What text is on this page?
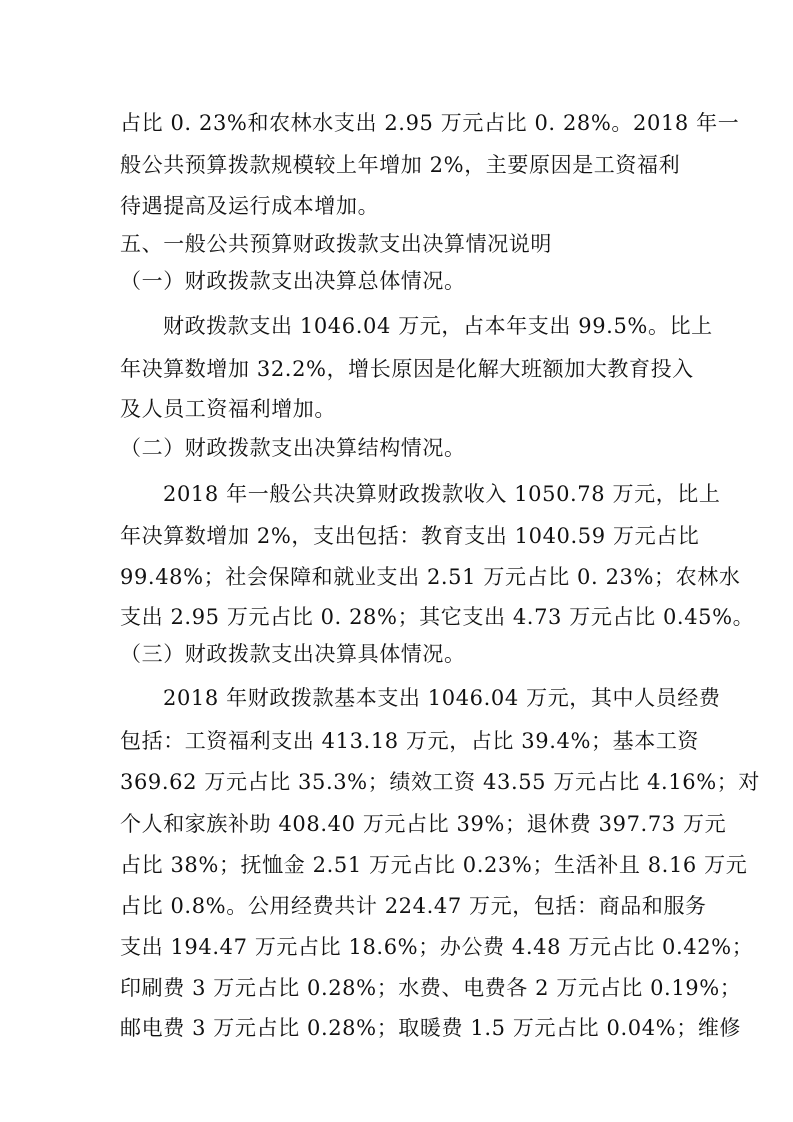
占比 0. 23%和农林水支出 2.95 万元占比 0. 28%。2018 年一
般公共预算拨款规模较上年增加 2%，主要原因是工资福利
待遇提高及运行成本增加。
五、一般公共预算财政拨款支出决算情况说明
（一）财政拨款支出决算总体情况。
财政拨款支出 1046.04 万元，占本年支出 99.5%。比上
年决算数增加 32.2%，增长原因是化解大班额加大教育投入
及人员工资福利增加。
（二）财政拨款支出决算结构情况。
2018 年一般公共决算财政拨款收入 1050.78 万元，比上
年决算数增加 2%，支出包括：教育支出 1040.59 万元占比
99.48%；社会保障和就业支出 2.51 万元占比 0. 23%；农林水
支出 2.95 万元占比 0. 28%；其它支出 4.73 万元占比 0.45%。
（三）财政拨款支出决算具体情况。
2018 年财政拨款基本支出 1046.04 万元，其中人员经费
包括：工资福利支出 413.18 万元，占比 39.4%；基本工资
369.62 万元占比 35.3%；绩效工资 43.55 万元占比 4.16%；对
个人和家族补助 408.40 万元占比 39%；退休费 397.73 万元
占比 38%；抚恤金 2.51 万元占比 0.23%；生活补且 8.16 万元
占比 0.8%。公用经费共计 224.47 万元，包括：商品和服务
支出 194.47 万元占比 18.6%；办公费 4.48 万元占比 0.42%；
印刷费 3 万元占比 0.28%；水费、电费各 2 万元占比 0.19%；
邮电费 3 万元占比 0.28%；取暖费 1.5 万元占比 0.04%；维修
